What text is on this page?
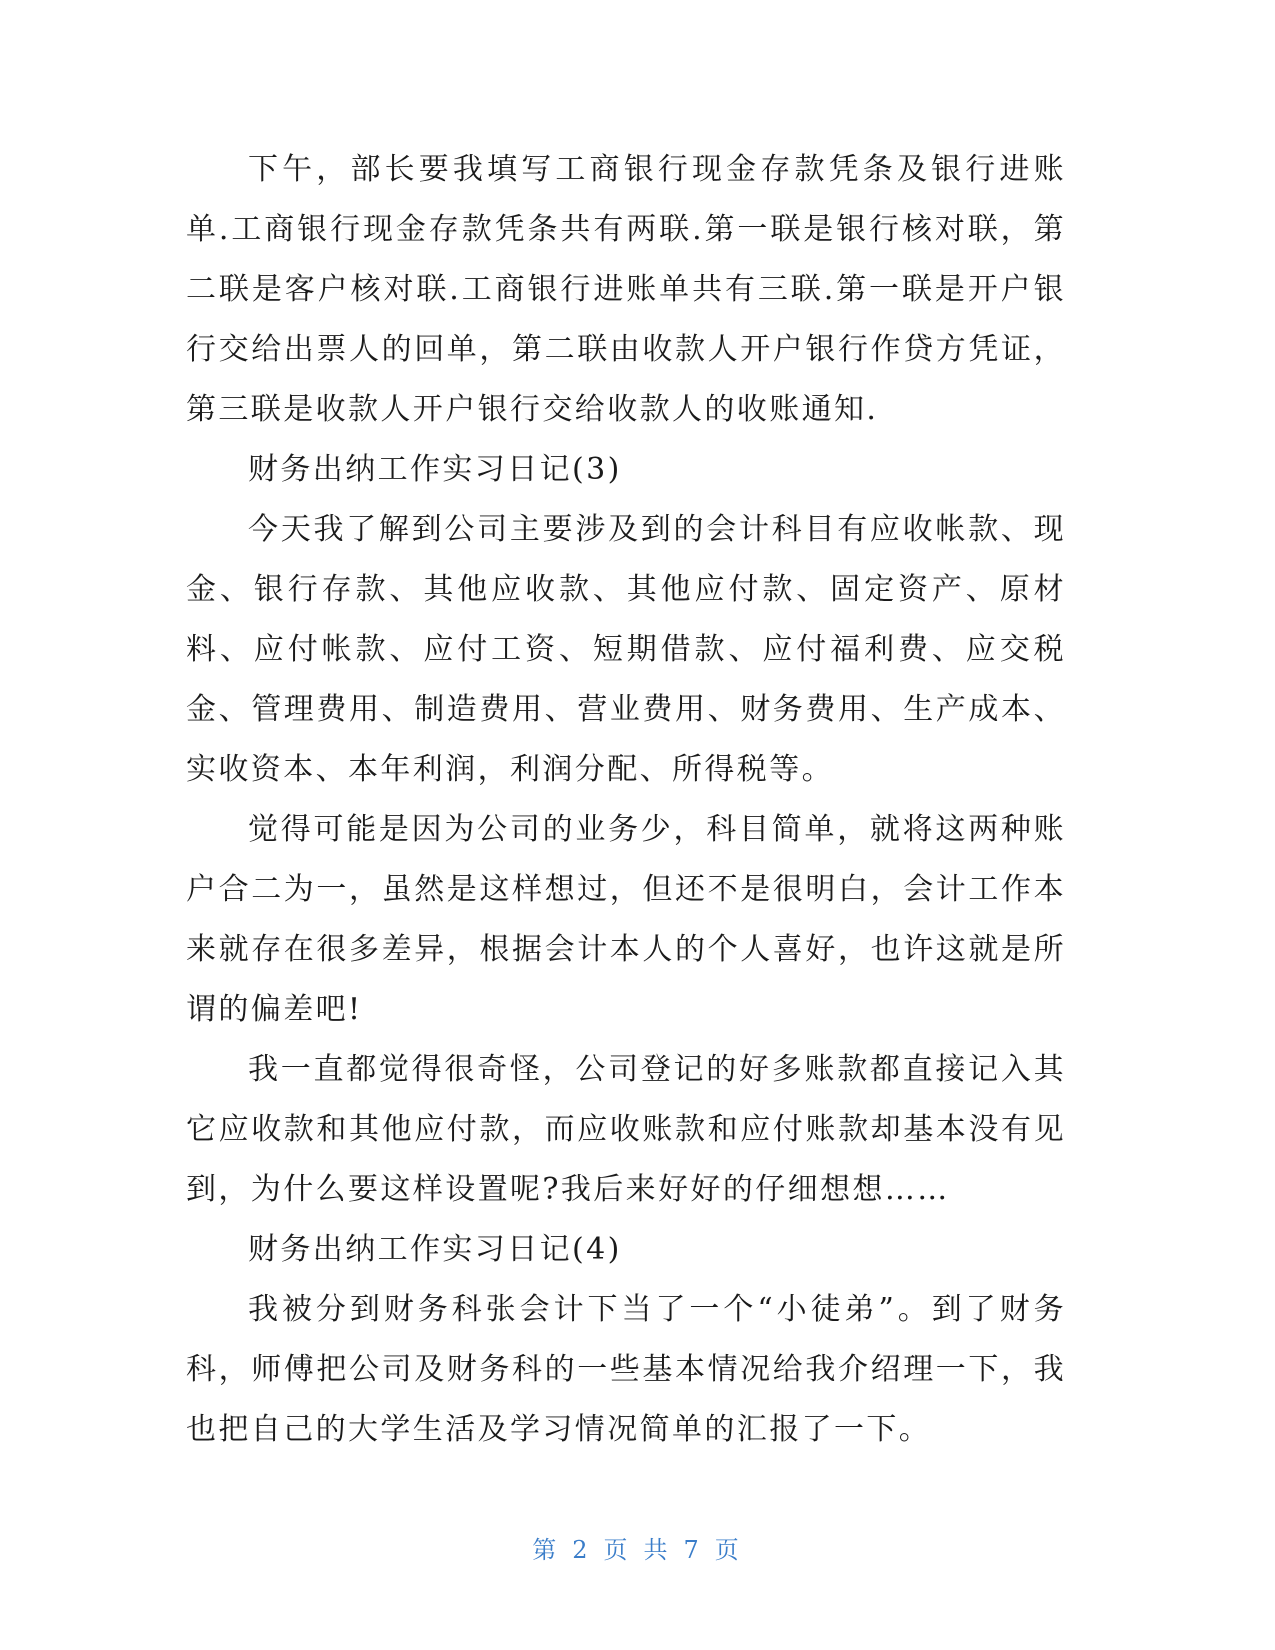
下午，部长要我填写工商银行现金存款凭条及银行进账单.工商银行现金存款凭条共有两联.第一联是银行核对联，第二联是客户核对联.工商银行进账单共有三联.第一联是开户银行交给出票人的回单，第二联由收款人开户银行作贷方凭证，第三联是收款人开户银行交给收款人的收账通知.

财务出纳工作实习日记(3)

今天我了解到公司主要涉及到的会计科目有应收帐款、现金、银行存款、其他应收款、其他应付款、固定资产、原材料、应付帐款、应付工资、短期借款、应付福利费、应交税金、管理费用、制造费用、营业费用、财务费用、生产成本、实收资本、本年利润，利润分配、所得税等。

觉得可能是因为公司的业务少，科目简单，就将这两种账户合二为一，虽然是这样想过，但还不是很明白，会计工作本来就存在很多差异，根据会计本人的个人喜好，也许这就是所谓的偏差吧!

我一直都觉得很奇怪，公司登记的好多账款都直接记入其它应收款和其他应付款，而应收账款和应付账款却基本没有见到，为什么要这样设置呢?我后来好好的仔细想想……

财务出纳工作实习日记(4)

我被分到财务科张会计下当了一个“小徒弟”。到了财务科，师傅把公司及财务科的一些基本情况给我介绍理一下，我也把自己的大学生活及学习情况简单的汇报了一下。

第 2 页 共 7 页
